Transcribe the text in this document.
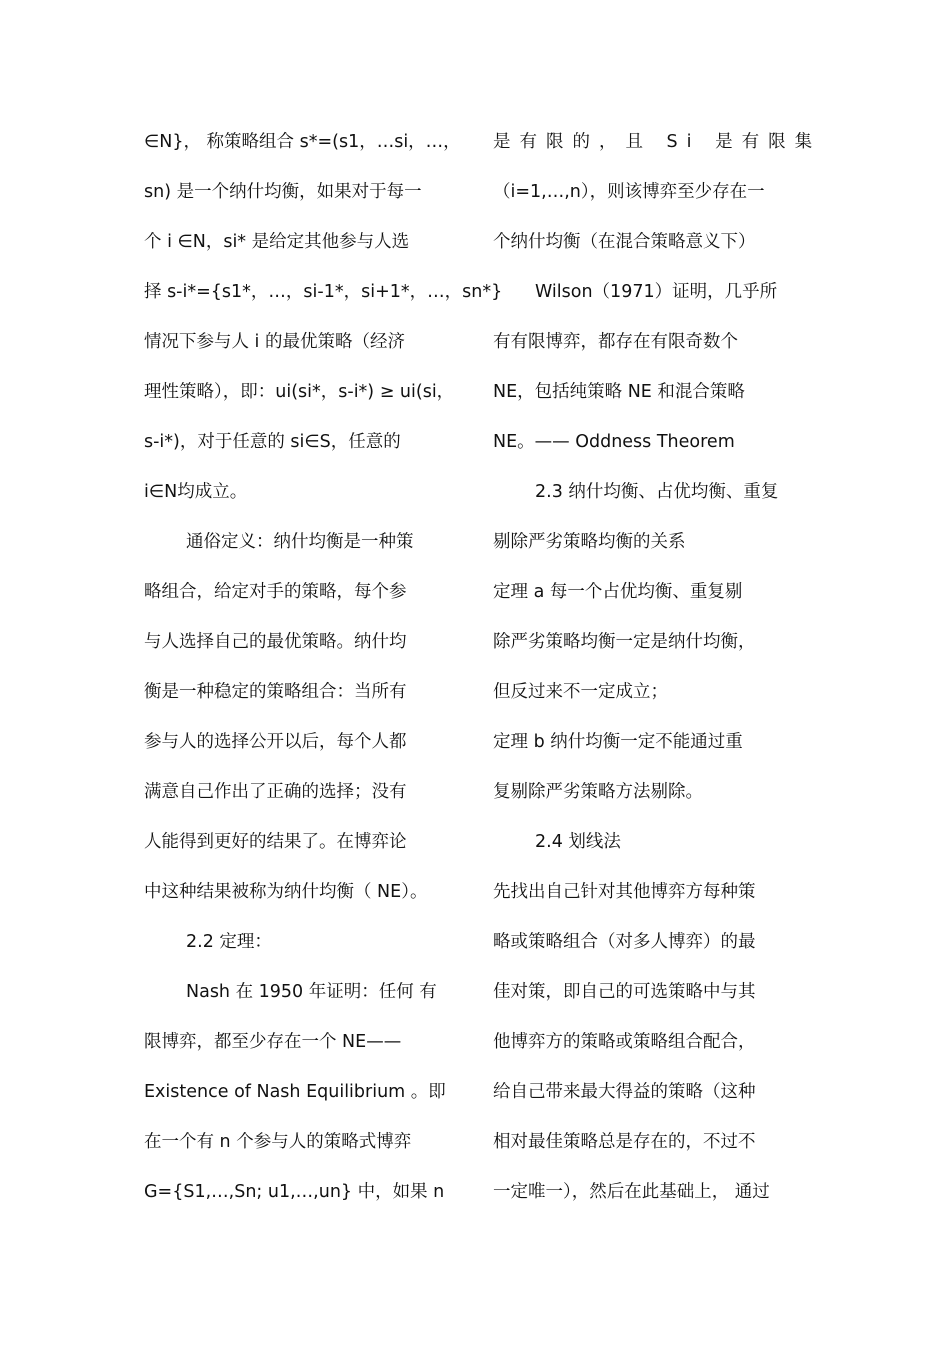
∈N}， 称策略组合 s*=(s1，…si，…，
sn) 是一个纳什均衡，如果对于每一
个 i ∈N，si* 是给定其他参与人选
择 s-i*={s1*，…，si-1*，si+1*，…，sn*}
情况下参与人 i 的最优策略（经济
理性策略），即：ui(si*，s-i*) ≥ ui(si，
s-i*)，对于任意的 si∈S，任意的
i∈N均成立。
通俗定义：纳什均衡是一种策
略组合，给定对手的策略，每个参
与人选择自己的最优策略。纳什均
衡是一种稳定的策略组合：当所有
参与人的选择公开以后，每个人都
满意自己作出了正确的选择；没有
人能得到更好的结果了。在博弈论
中这种结果被称为纳什均衡（ NE）。
2.2 定理：
Nash 在 1950 年证明：任何 有
限博弈，都至少存在一个 NE——
Existence of Nash Equilibrium 。即
在一个有 n 个参与人的策略式博弈
G={S1,…,Sn; u1,…,un} 中，如果 n
是有限的，且 Si 是有限集
（i=1,…,n），则该博弈至少存在一
个纳什均衡（在混合策略意义下）
Wilson（1971）证明，几乎所
有有限博弈，都存在有限奇数个
NE，包括纯策略 NE 和混合策略
NE。—— Oddness Theorem
2.3 纳什均衡、占优均衡、重复
剔除严劣策略均衡的关系
定理 a 每一个占优均衡、重复剔
除严劣策略均衡一定是纳什均衡，
但反过来不一定成立；
定理 b 纳什均衡一定不能通过重
复剔除严劣策略方法剔除。
2.4 划线法
先找出自己针对其他博弈方每种策
略或策略组合（对多人博弈）的最
佳对策，即自己的可选策略中与其
他博弈方的策略或策略组合配合，
给自己带来最大得益的策略（这种
相对最佳策略总是存在的，不过不
一定唯一），然后在此基础上， 通过
